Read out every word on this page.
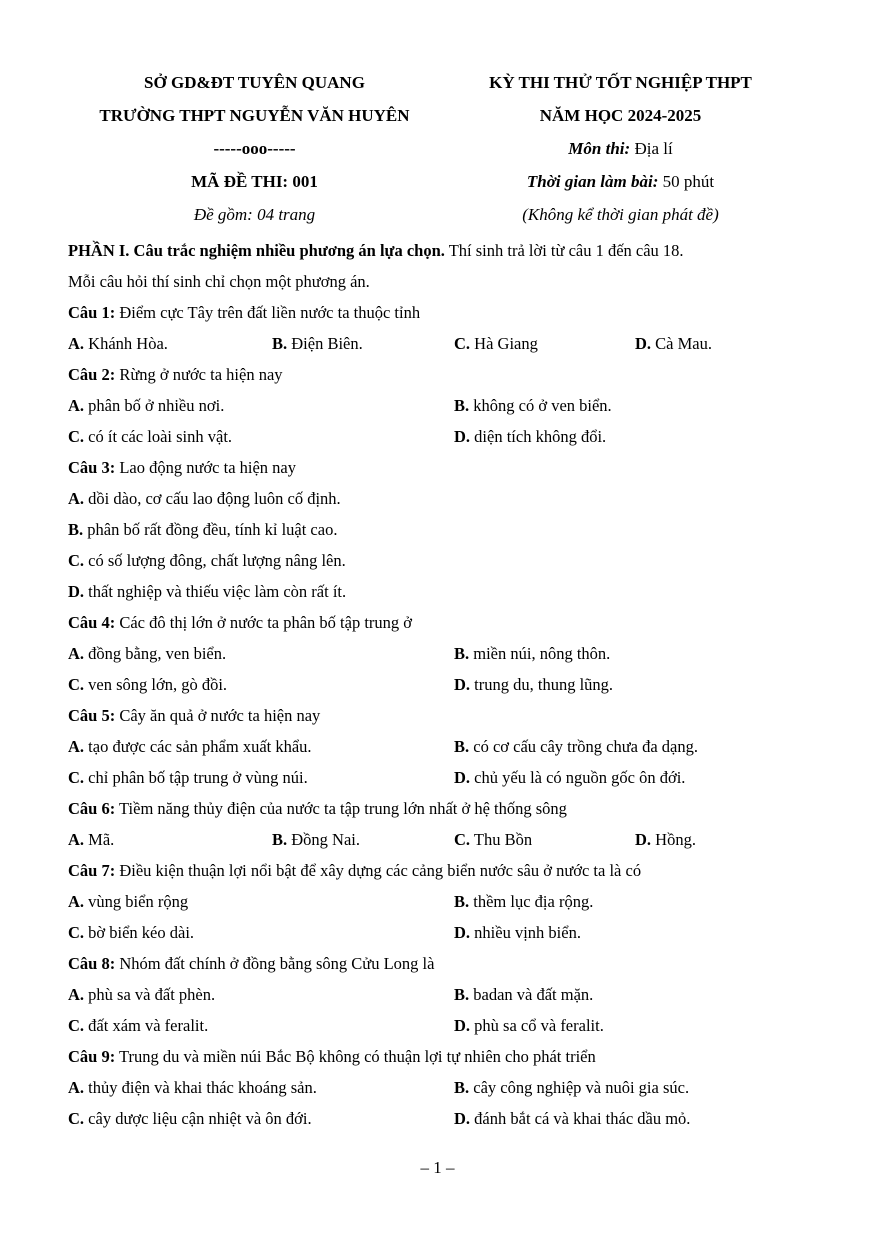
SỞ GD&ĐT TUYÊN QUANG
TRƯỜNG THPT NGUYỄN VĂN HUYÊN
-----ooo-----
MÃ ĐỀ THI: 001
Đề gồm: 04 trang
KỲ THI THỬ TỐT NGHIỆP THPT
NĂM HỌC 2024-2025
Môn thi: Địa lí
Thời gian làm bài: 50 phút
(Không kể thời gian phát đề)
PHẦN I. Câu trắc nghiệm nhiều phương án lựa chọn. Thí sinh trả lời từ câu 1 đến câu 18.
Mỗi câu hỏi thí sinh chỉ chọn một phương án.
Câu 1: Điểm cực Tây trên đất liền nước ta thuộc tỉnh
A. Khánh Hòa.	B. Điện Biên.	C. Hà Giang	D. Cà Mau.
Câu 2: Rừng ở nước ta hiện nay
A. phân bố ở nhiều nơi.	B. không có ở ven biển.
C. có ít các loài sinh vật.	D. diện tích không đổi.
Câu 3: Lao động nước ta hiện nay
A. dồi dào, cơ cấu lao động luôn cố định.
B. phân bố rất đồng đều, tính kỉ luật cao.
C. có số lượng đông, chất lượng nâng lên.
D. thất nghiệp và thiếu việc làm còn rất ít.
Câu 4: Các đô thị lớn ở nước ta phân bố tập trung ở
A. đồng bằng, ven biển.	B. miền núi, nông thôn.
C. ven sông lớn, gò đồi.	D. trung du, thung lũng.
Câu 5: Cây ăn quả ở nước ta hiện nay
A. tạo được các sản phẩm xuất khẩu.	B. có cơ cấu cây trồng chưa đa dạng.
C. chỉ phân bố tập trung ở vùng núi.	D. chủ yếu là có nguồn gốc ôn đới.
Câu 6: Tiềm năng thủy điện của nước ta tập trung lớn nhất ở hệ thống sông
A. Mã.	B. Đồng Nai.	C. Thu Bồn	D. Hồng.
Câu 7: Điều kiện thuận lợi nổi bật để xây dựng các cảng biển nước sâu ở nước ta là có
A. vùng biển rộng	B. thềm lục địa rộng.
C. bờ biển kéo dài.	D. nhiều vịnh biển.
Câu 8: Nhóm đất chính ở đồng bằng sông Cửu Long là
A. phù sa và đất phèn.	B. badan và đất mặn.
C. đất xám và feralit.	D. phù sa cổ và feralit.
Câu 9: Trung du và miền núi Bắc Bộ không có thuận lợi tự nhiên cho phát triển
A. thủy điện và khai thác khoáng sản.	B. cây công nghiệp và nuôi gia súc.
C. cây dược liệu cận nhiệt và ôn đới.	D. đánh bắt cá và khai thác dầu mỏ.
– 1 –
